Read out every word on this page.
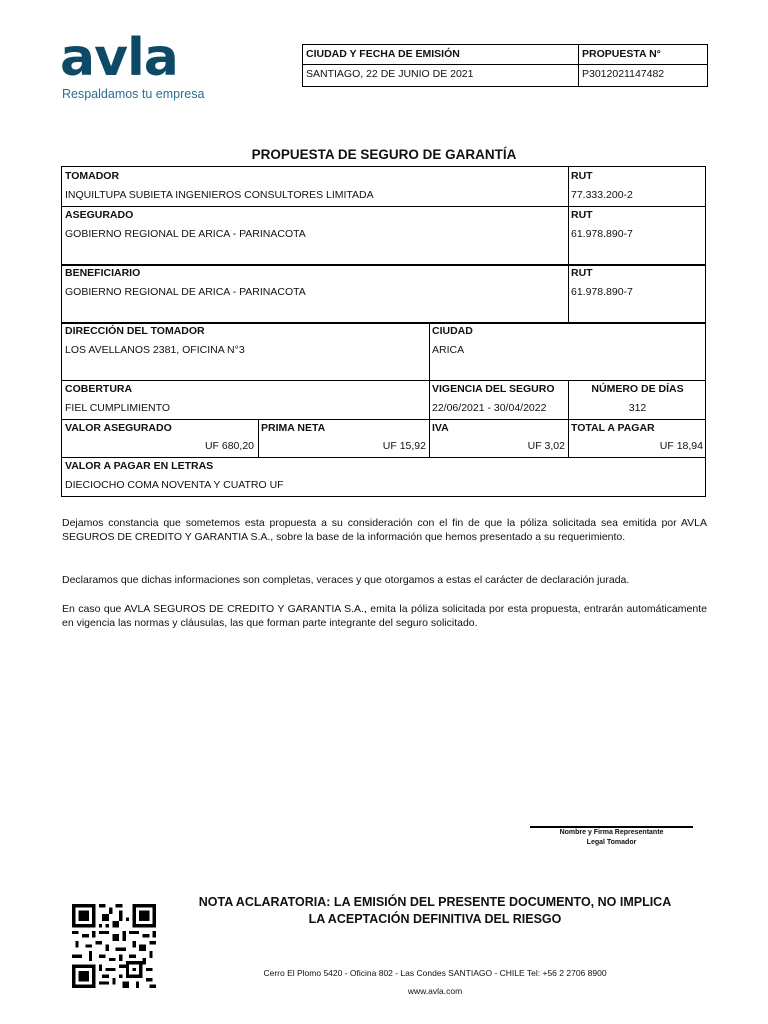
avla
Respaldamos tu empresa
CIUDAD Y FECHA DE EMISIÓN
SANTIAGO, 22 DE JUNIO DE 2021
PROPUESTA N°
P3012021147482
PROPUESTA DE SEGURO DE GARANTÍA
TOMADOR
INQUILTUPA SUBIETA INGENIEROS CONSULTORES LIMITADA
RUT
77.333.200-2
ASEGURADO
GOBIERNO REGIONAL DE ARICA - PARINACOTA
RUT
61.978.890-7
BENEFICIARIO
GOBIERNO REGIONAL DE ARICA - PARINACOTA
RUT
61.978.890-7
DIRECCIÓN DEL TOMADOR
LOS AVELLANOS 2381, OFICINA N°3
CIUDAD
ARICA
COBERTURA
FIEL CUMPLIMIENTO
VIGENCIA DEL SEGURO
22/06/2021 - 30/04/2022
NÚMERO DE DÍAS
312
VALOR ASEGURADO
UF 680,20
PRIMA NETA
UF 15,92
IVA
UF 3,02
TOTAL A PAGAR
UF 18,94
VALOR A PAGAR EN LETRAS
DIECIOCHO COMA NOVENTA Y CUATRO UF
Dejamos constancia que sometemos esta propuesta a su consideración con el fin de que la póliza solicitada sea emitida por AVLA SEGUROS DE CREDITO Y GARANTIA S.A., sobre la base de la información que hemos presentado a su requerimiento.
Declaramos que dichas informaciones son completas, veraces y que otorgamos a estas el carácter de declaración jurada.
En caso que AVLA SEGUROS DE CREDITO Y GARANTIA S.A., emita la póliza solicitada por esta propuesta, entrarán automáticamente en vigencia las normas y cláusulas, las que forman parte integrante del seguro solicitado.
Nombre y Firma Representante
Legal Tomador
NOTA ACLARATORIA: LA EMISIÓN DEL PRESENTE DOCUMENTO, NO IMPLICA
LA ACEPTACIÓN DEFINITIVA DEL RIESGO
Cerro El Plomo 5420 - Oficina 802 - Las Condes SANTIAGO - CHILE Tel: +56 2 2706 8900
www.avla.com
